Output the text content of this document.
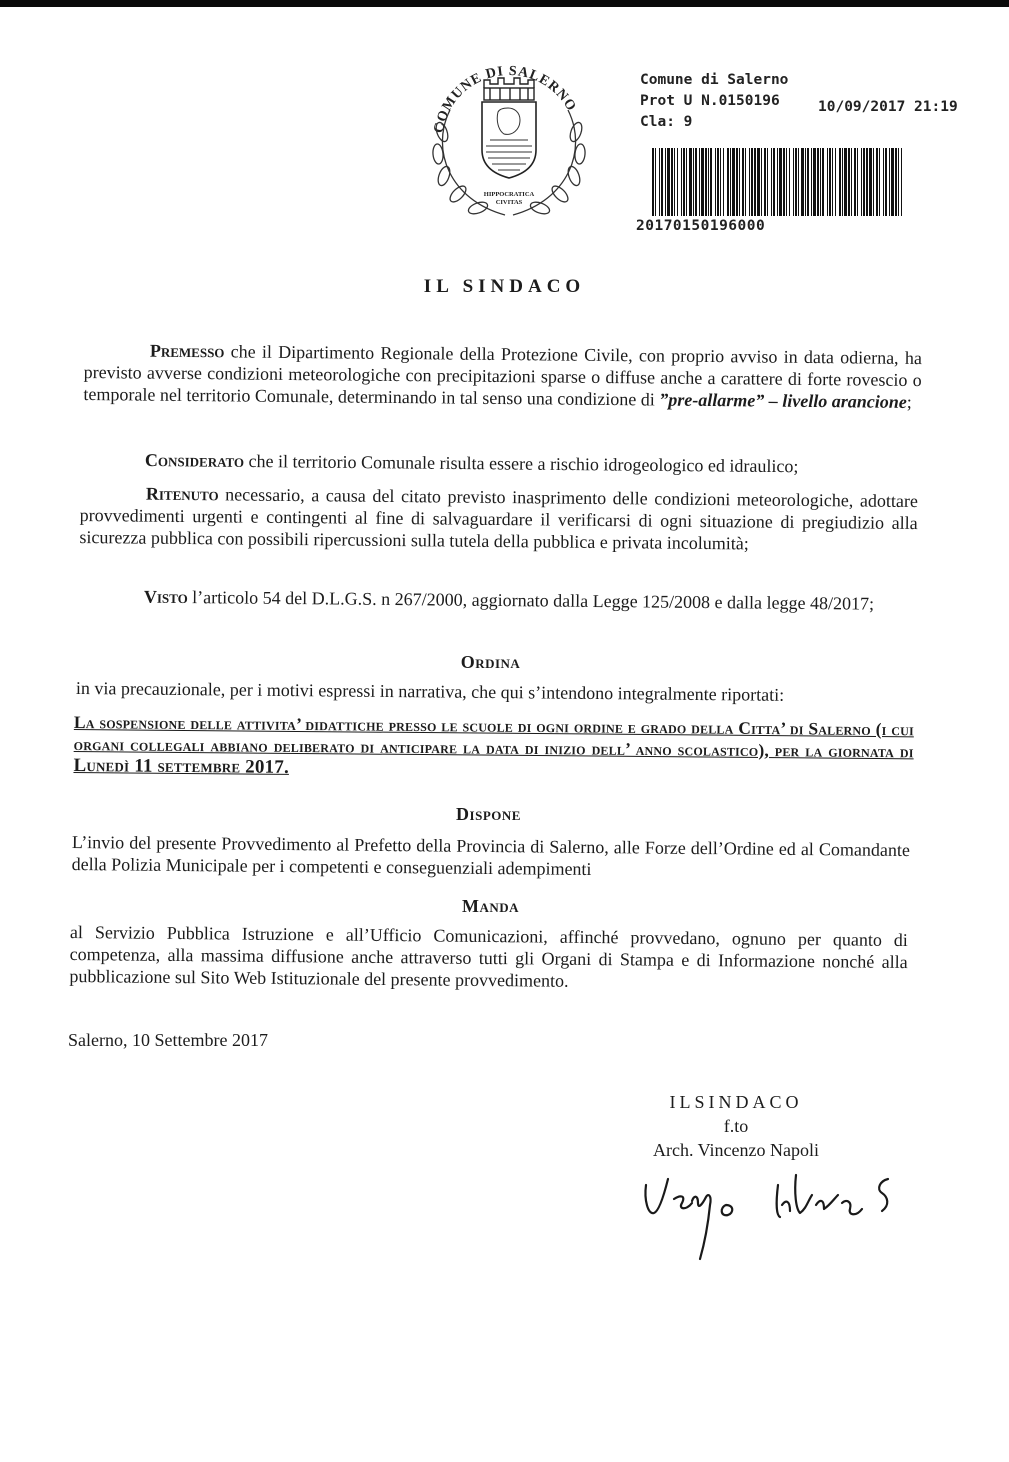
COMUNE DI SALERNO
HIPPOCRATICA
CIVITAS
Comune di Salerno
Prot U N.0150196
Cla: 9
10/09/2017 21:19
20170150196000
IL SINDACO
Premesso che il Dipartimento Regionale della Protezione Civile, con proprio avviso in data odierna, ha previsto avverse condizioni meteorologiche con precipitazioni sparse o diffuse anche a carattere di forte rovescio o temporale nel territorio Comunale, determinando in tal senso una condizione di ”pre-allarme” – livello arancione;
Considerato che il territorio Comunale risulta essere a rischio idrogeologico ed idraulico;
Ritenuto necessario, a causa del citato previsto inasprimento delle condizioni meteorologiche, adottare provvedimenti urgenti e contingenti al fine di salvaguardare il verificarsi di ogni situazione di pregiudizio alla sicurezza pubblica con possibili ripercussioni sulla tutela della pubblica e privata incolumità;
Visto l’articolo 54 del D.L.G.S. n 267/2000, aggiornato dalla Legge 125/2008 e dalla legge 48/2017;
Ordina
in via precauzionale, per i motivi espressi in narrativa, che qui s’intendono integralmente riportati:
La sospensione delle attivita’ didattiche presso le scuole di ogni ordine e grado della Citta’ di Salerno (i cui organi collegali abbiano deliberato di anticipare la data di inizio dell’ anno scolastico), per la giornata di Lunedì 11 settembre 2017.
Dispone
L’invio del presente Provvedimento al Prefetto della Provincia di Salerno, alle Forze dell’Ordine ed al Comandante della Polizia Municipale per i competenti e conseguenziali adempimenti
Manda
al Servizio Pubblica Istruzione e all’Ufficio Comunicazioni, affinché provvedano, ognuno per quanto di competenza, alla massima diffusione anche attraverso tutti gli Organi di Stampa e di Informazione nonché alla pubblicazione sul Sito Web Istituzionale del presente provvedimento.
Salerno, 10 Settembre 2017
ILSINDACO
f.to
Arch. Vincenzo Napoli
